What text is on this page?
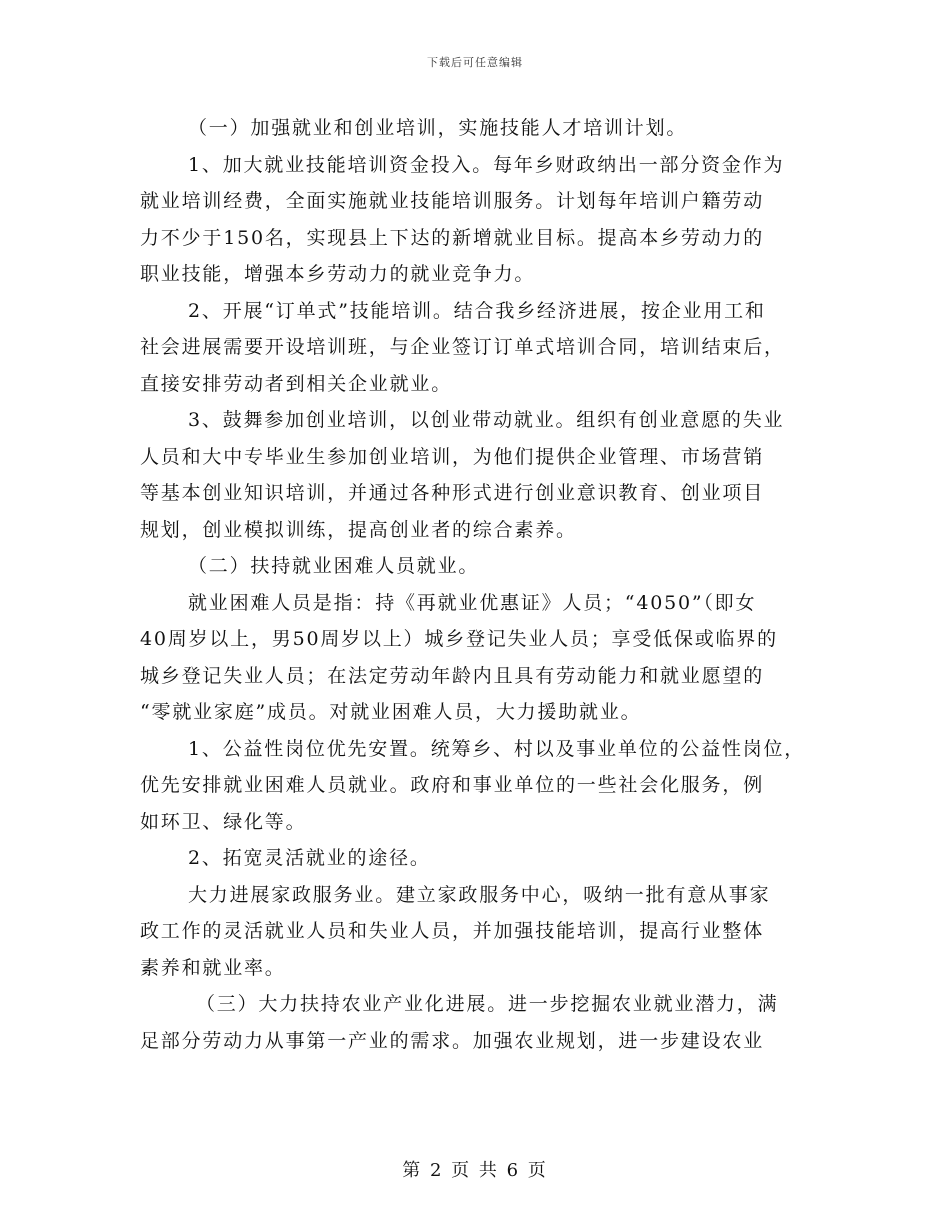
下载后可任意编辑
（一）加强就业和创业培训，实施技能人才培训计划。
1、加大就业技能培训资金投入。每年乡财政纳出一部分资金作为
就业培训经费，全面实施就业技能培训服务。计划每年培训户籍劳动
力不少于150名，实现县上下达的新增就业目标。提高本乡劳动力的
职业技能，增强本乡劳动力的就业竞争力。
2、开展“订单式”技能培训。结合我乡经济进展，按企业用工和
社会进展需要开设培训班，与企业签订订单式培训合同，培训结束后，
直接安排劳动者到相关企业就业。
3、鼓舞参加创业培训，以创业带动就业。组织有创业意愿的失业
人员和大中专毕业生参加创业培训，为他们提供企业管理、市场营销
等基本创业知识培训，并通过各种形式进行创业意识教育、创业项目
规划，创业模拟训练，提高创业者的综合素养。
（二）扶持就业困难人员就业。
就业困难人员是指：持《再就业优惠证》人员；“4050”（即女
40周岁以上，男50周岁以上）城乡登记失业人员；享受低保或临界的
城乡登记失业人员；在法定劳动年龄内且具有劳动能力和就业愿望的
“零就业家庭”成员。对就业困难人员，大力援助就业。
1、公益性岗位优先安置。统筹乡、村以及事业单位的公益性岗位，
优先安排就业困难人员就业。政府和事业单位的一些社会化服务，例
如环卫、绿化等。
2、拓宽灵活就业的途径。
大力进展家政服务业。建立家政服务中心，吸纳一批有意从事家
政工作的灵活就业人员和失业人员，并加强技能培训，提高行业整体
素养和就业率。
（三）大力扶持农业产业化进展。进一步挖掘农业就业潜力，满
足部分劳动力从事第一产业的需求。加强农业规划，进一步建设农业
第 2 页 共 6 页
